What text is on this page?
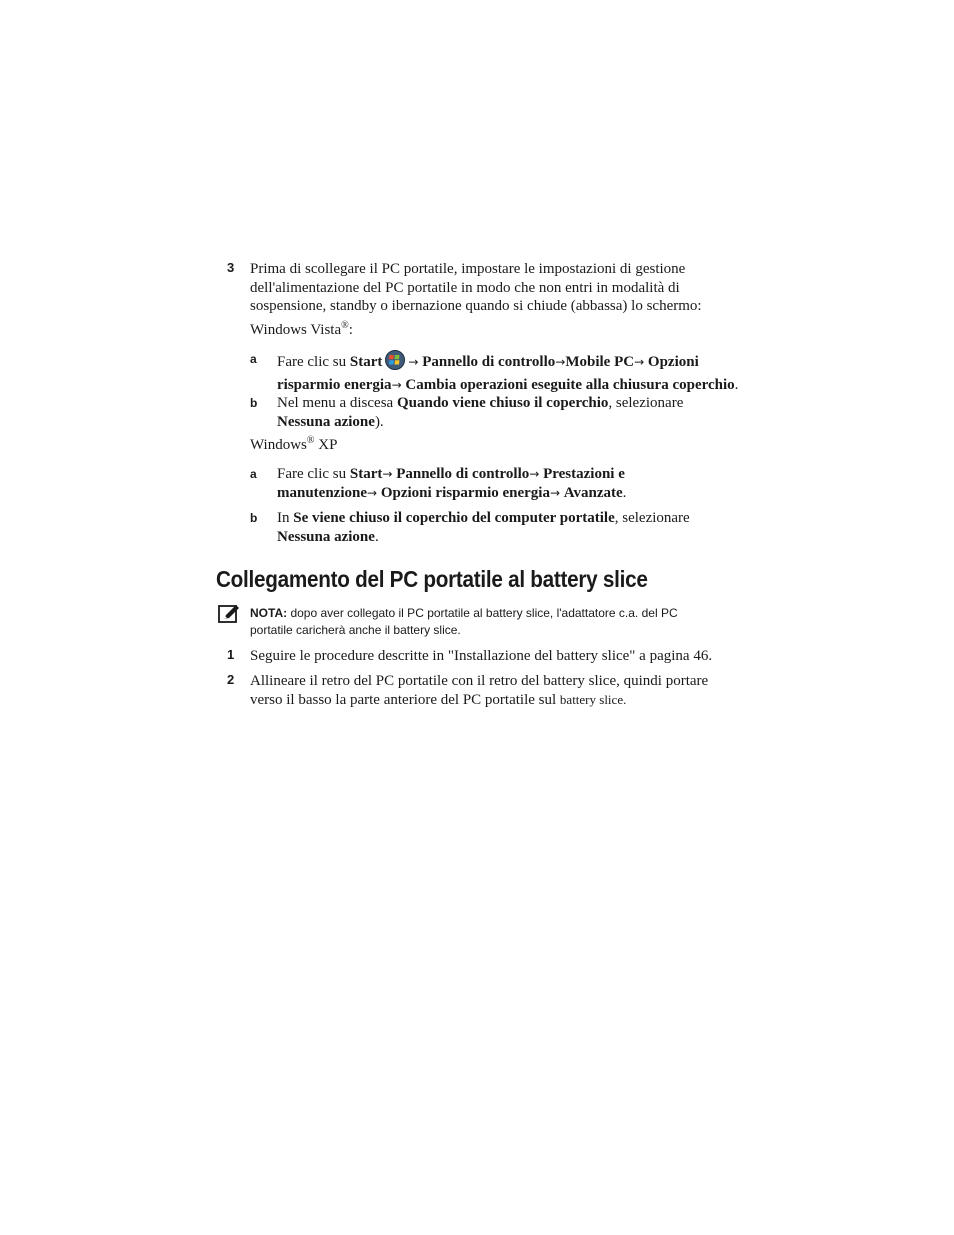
3 Prima di scollegare il PC portatile, impostare le impostazioni di gestione dell'alimentazione del PC portatile in modo che non entri in modalità di sospensione, standby o ibernazione quando si chiude (abbassa) lo schermo:
Windows Vista®:
a Fare clic su Start → Pannello di controllo→Mobile PC→ Opzioni risparmio energia→ Cambia operazioni eseguite alla chiusura coperchio.
b Nel menu a discesa Quando viene chiuso il coperchio, selezionare Nessuna azione).
Windows® XP
a Fare clic su Start→ Pannello di controllo→ Prestazioni e manutenzione→ Opzioni risparmio energia→ Avanzate.
b In Se viene chiuso il coperchio del computer portatile, selezionare Nessuna azione.
Collegamento del PC portatile al battery slice
NOTA: dopo aver collegato il PC portatile al battery slice, l'adattatore c.a. del PC portatile caricherà anche il battery slice.
1 Seguire le procedure descritte in "Installazione del battery slice" a pagina 46.
2 Allineare il retro del PC portatile con il retro del battery slice, quindi portare verso il basso la parte anteriore del PC portatile sul battery slice.
